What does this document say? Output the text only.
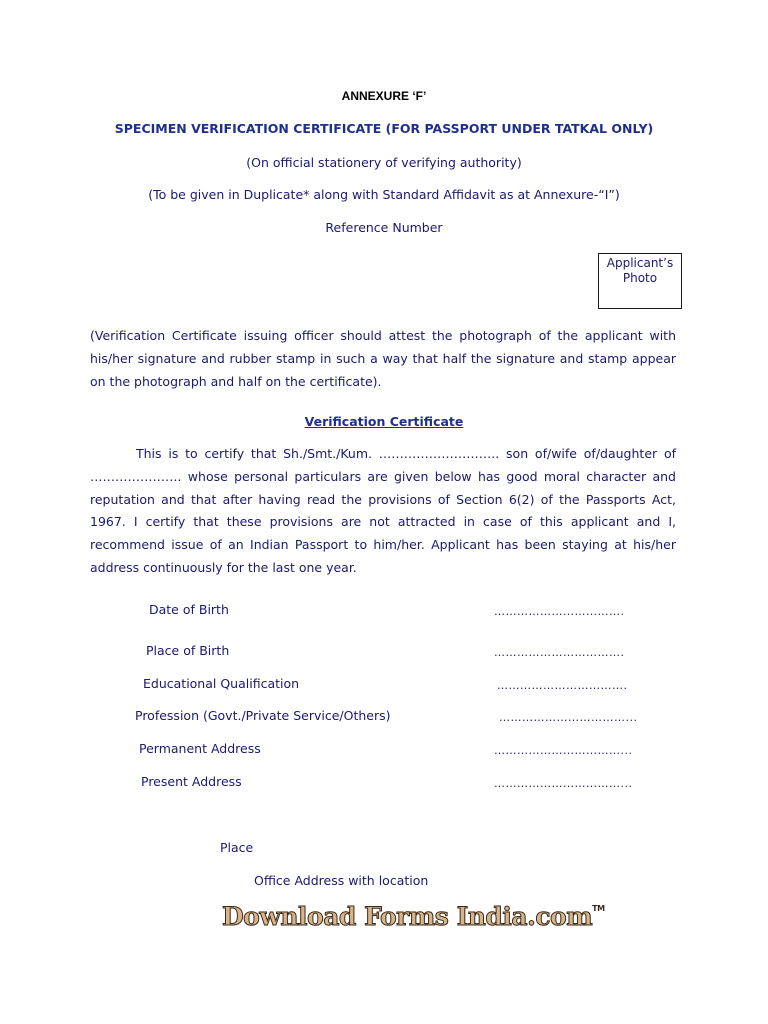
ANNEXURE ‘F’
SPECIMEN VERIFICATION CERTIFICATE (FOR PASSPORT UNDER TATKAL ONLY)
(On official stationery of verifying authority)
(To be given in Duplicate* along with Standard Affidavit as at Annexure-“I”)
Reference Number
Applicant’s
Photo
(Verification Certificate issuing officer should attest the photograph of the applicant with his/her signature and rubber stamp in such a way that half the signature and stamp appear on the photograph and half on the certificate).
Verification Certificate
This is to certify that Sh./Smt./Kum. ……………………….. son of/wife of/daughter of …………………. whose personal particulars are given below has good moral character and reputation and that after having read the provisions of Section 6(2) of the Passports Act, 1967. I certify that these provisions are not attracted in case of this applicant and I, recommend issue of an Indian Passport to him/her. Applicant has been staying at his/her address continuously for the last one year.
Date of Birth	…………………………….
Place of Birth	…………………………….
Educational Qualification	…………………………….
Profession (Govt./Private Service/Others)	……………………………...
Permanent Address	……………………………...
Present Address	……………………………...
Place
Office Address with location
Download Forms India.com™
